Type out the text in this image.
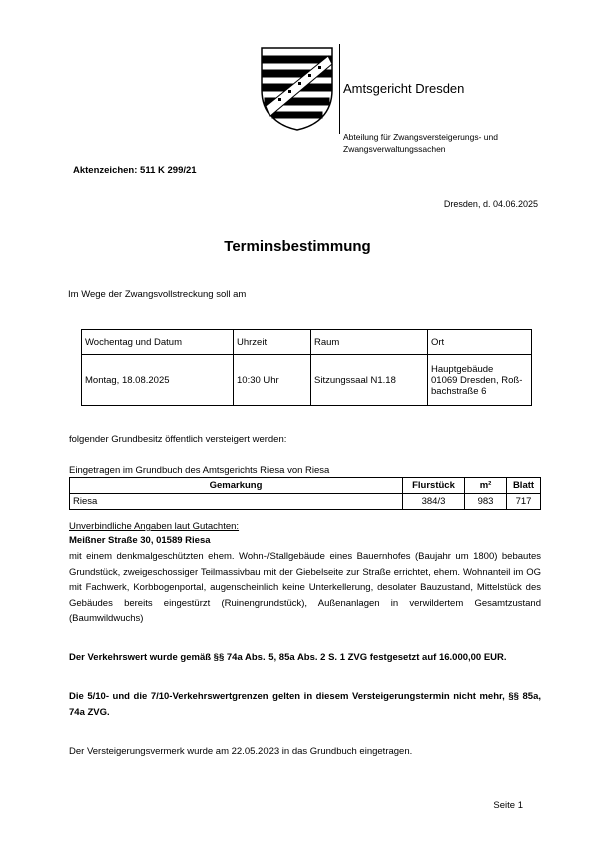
Amtsgericht Dresden
Abteilung für Zwangsversteigerungs- und
Zwangsverwaltungssachen
Aktenzeichen: 511 K 299/21
Dresden, d. 04.06.2025
Terminsbestimmung
Im Wege der Zwangsvollstreckung soll am
Wochentag und Datum	Uhrzeit	Raum	Ort
Montag, 18.08.2025	10:30 Uhr	Sitzungssaal N1.18	Hauptgebäude
01069 Dresden, Roß-
bachstraße 6
folgender Grundbesitz öffentlich versteigert werden:
Eingetragen im Grundbuch des Amtsgerichts Riesa von Riesa
Gemarkung	Flurstück	m²	Blatt
Riesa	384/3	983	717
Unverbindliche Angaben laut Gutachten:
Meißner Straße 30, 01589 Riesa
mit einem denkmalgeschützten ehem. Wohn-/Stallgebäude eines Bauernhofes (Baujahr um 1800) bebautes Grundstück, zweigeschossiger Teilmassivbau mit der Giebelseite zur Straße errichtet, ehem. Wohnanteil im OG mit Fachwerk, Korbbogenportal, augenscheinlich keine Unterkellerung, desolater Bauzustand, Mittelstück des Gebäudes bereits eingestürzt (Ruinengrundstück), Außenanlagen in verwildertem Gesamtzustand (Baumwildwuchs)
Der Verkehrswert wurde gemäß §§ 74a Abs. 5, 85a Abs. 2 S. 1 ZVG festgesetzt auf 16.000,00 EUR.
Die 5/10- und die 7/10-Verkehrswertgrenzen gelten in diesem Versteigerungstermin nicht mehr, §§ 85a, 74a ZVG.
Der Versteigerungsvermerk wurde am 22.05.2023 in das Grundbuch eingetragen.
Seite 1
